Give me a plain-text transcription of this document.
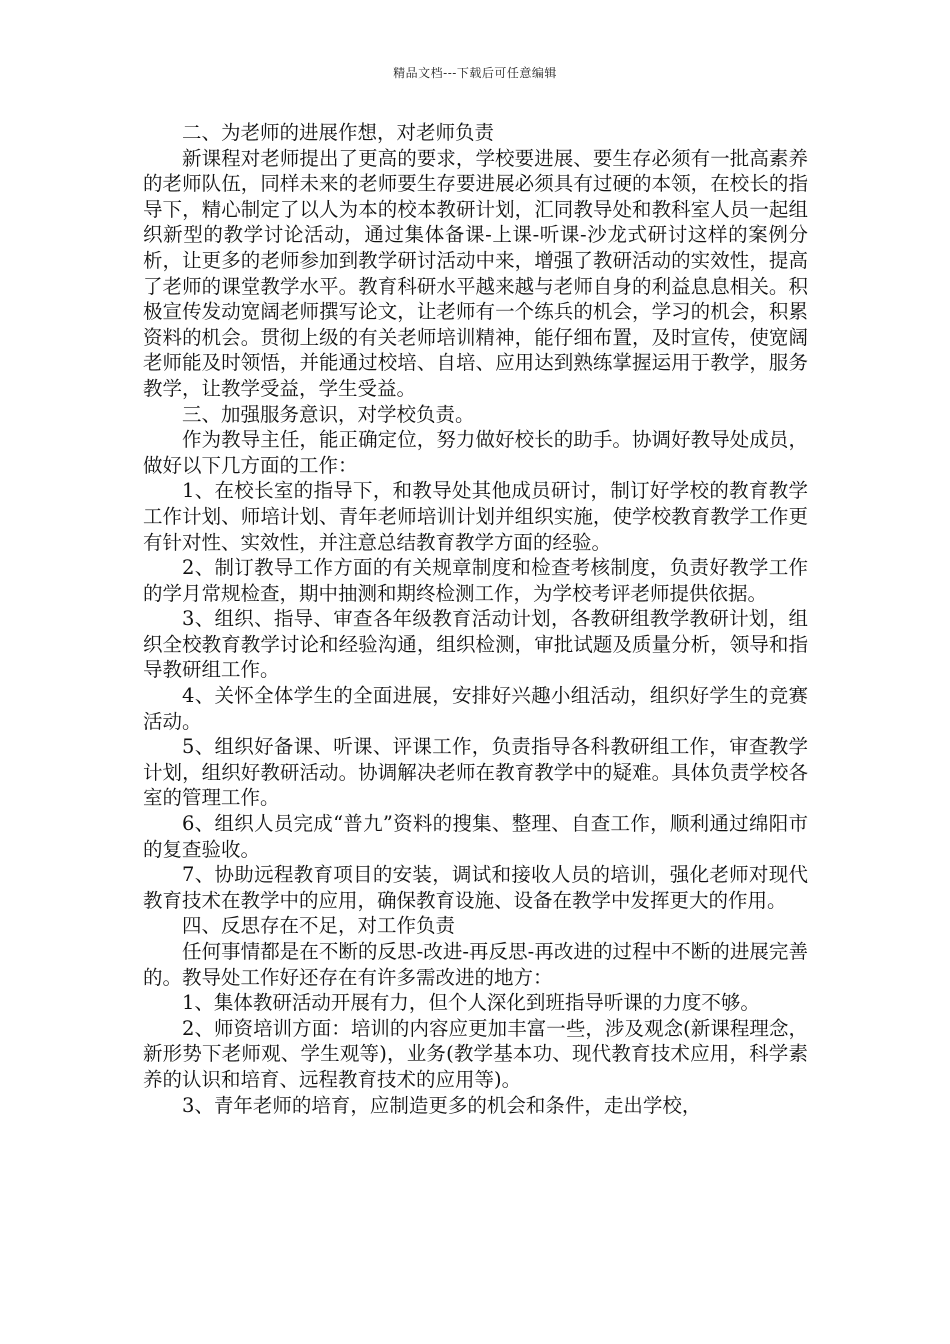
精品文档---下载后可任意编辑

二、为老师的进展作想，对老师负责

新课程对老师提出了更高的要求，学校要进展、要生存必须有一批高素养的老师队伍，同样未来的老师要生存要进展必须具有过硬的本领，在校长的指导下，精心制定了以人为本的校本教研计划，汇同教导处和教科室人员一起组织新型的教学讨论活动，通过集体备课-上课-听课-沙龙式研讨这样的案例分析，让更多的老师参加到教学研讨活动中来，增强了教研活动的实效性，提高了老师的课堂教学水平。教育科研水平越来越与老师自身的利益息息相关。积极宣传发动宽阔老师撰写论文，让老师有一个练兵的机会，学习的机会，积累资料的机会。贯彻上级的有关老师培训精神，能仔细布置，及时宣传，使宽阔老师能及时领悟，并能通过校培、自培、应用达到熟练掌握运用于教学，服务教学，让教学受益，学生受益。

三、加强服务意识，对学校负责。

作为教导主任，能正确定位，努力做好校长的助手。协调好教导处成员，做好以下几方面的工作：

1、在校长室的指导下，和教导处其他成员研讨，制订好学校的教育教学工作计划、师培计划、青年老师培训计划并组织实施，使学校教育教学工作更有针对性、实效性，并注意总结教育教学方面的经验。

2、制订教导工作方面的有关规章制度和检查考核制度，负责好教学工作的学月常规检查，期中抽测和期终检测工作，为学校考评老师提供依据。

3、组织、指导、审查各年级教育活动计划，各教研组教学教研计划，组织全校教育教学讨论和经验沟通，组织检测，审批试题及质量分析，领导和指导教研组工作。

4、关怀全体学生的全面进展，安排好兴趣小组活动，组织好学生的竞赛活动。

5、组织好备课、听课、评课工作，负责指导各科教研组工作，审查教学计划，组织好教研活动。协调解决老师在教育教学中的疑难。具体负责学校各室的管理工作。

6、组织人员完成“普九”资料的搜集、整理、自查工作，顺利通过绵阳市的复查验收。

7、协助远程教育项目的安装，调试和接收人员的培训，强化老师对现代教育技术在教学中的应用，确保教育设施、设备在教学中发挥更大的作用。

四、反思存在不足，对工作负责

任何事情都是在不断的反思-改进-再反思-再改进的过程中不断的进展完善的。教导处工作好还存在有许多需改进的地方：

1、集体教研活动开展有力，但个人深化到班指导听课的力度不够。

2、师资培训方面：培训的内容应更加丰富一些，涉及观念(新课程理念，新形势下老师观、学生观等)，业务(教学基本功、现代教育技术应用，科学素养的认识和培育、远程教育技术的应用等)。

3、青年老师的培育，应制造更多的机会和条件，走出学校，
